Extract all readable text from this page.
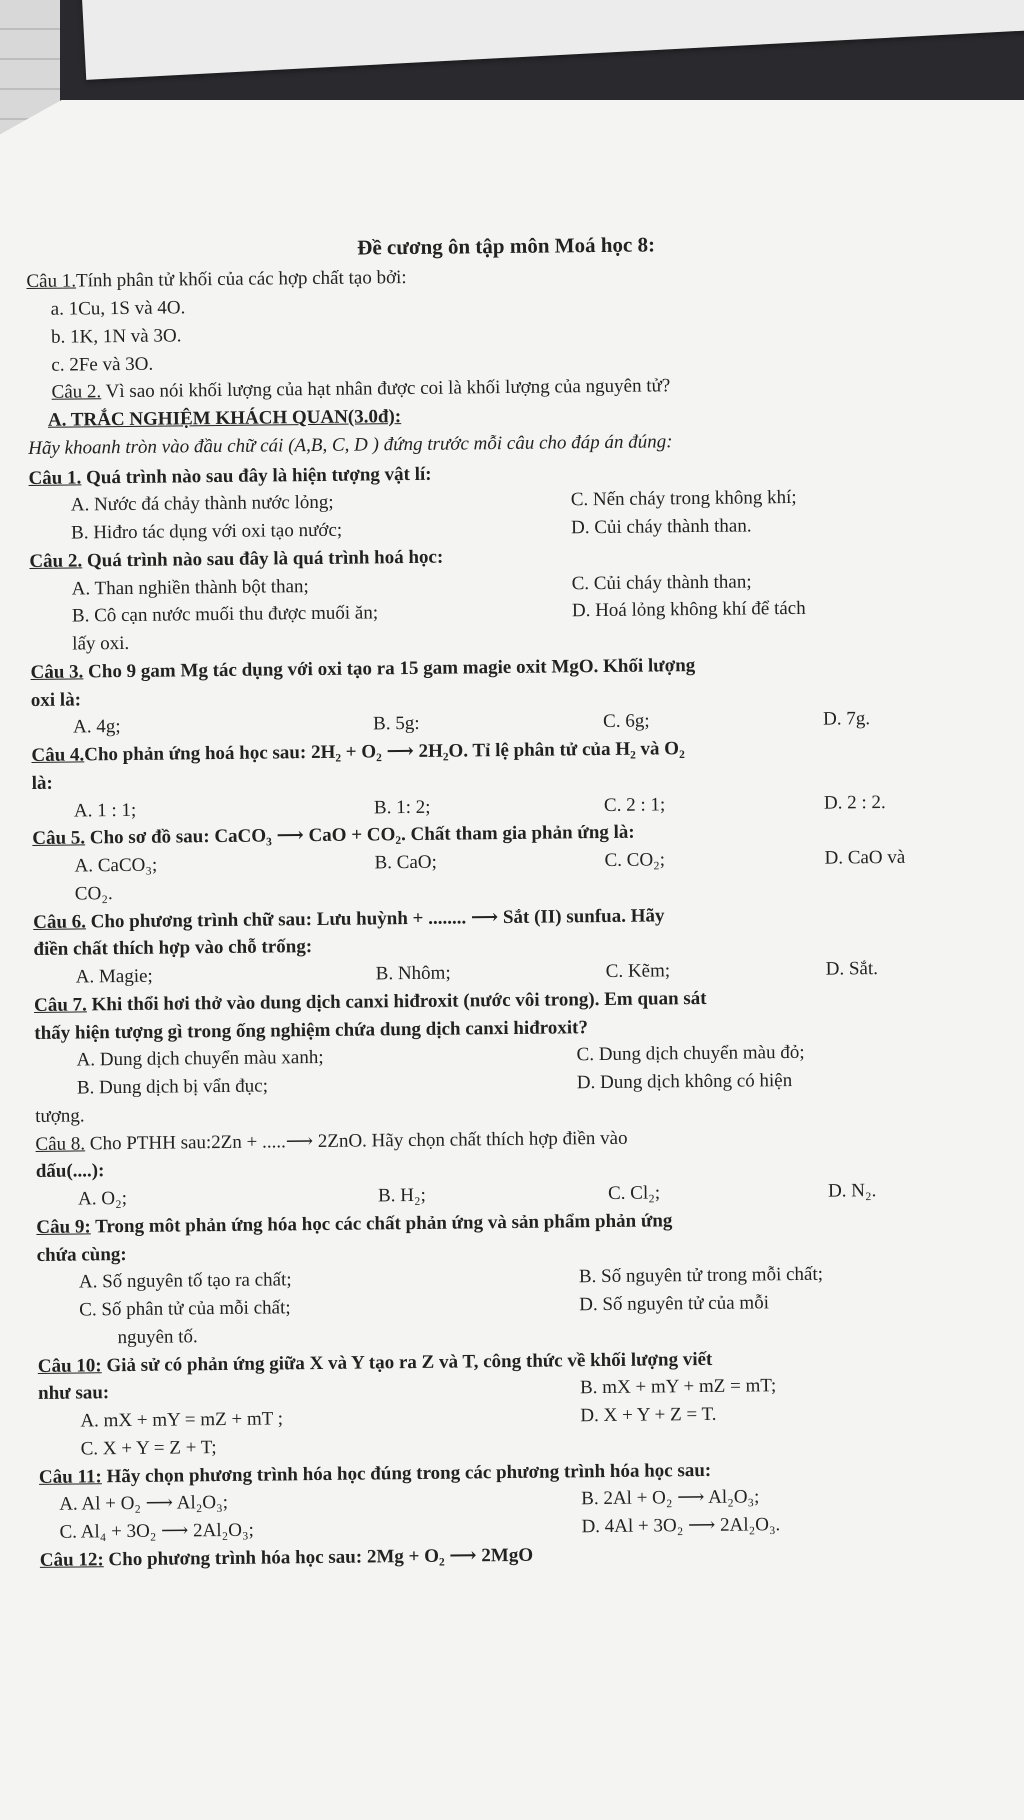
Đề cương ôn tập môn Moá học 8:
Câu 1.Tính phân tử khối của các hợp chất tạo bởi:
a. 1Cu, 1S và 4O.
b. 1K, 1N và 3O.
c. 2Fe và 3O.
Câu 2. Vì sao nói khối lượng của hạt nhân được coi là khối lượng của nguyên tử?
A. TRẮC NGHIỆM KHÁCH QUAN(3.0đ):
Hãy khoanh tròn vào đầu chữ cái (A,B, C, D ) đứng trước mỗi câu cho đáp án đúng:
Câu 1. Quá trình nào sau đây là hiện tượng vật lí:
A. Nước đá chảy thành nước lỏng;	C. Nến cháy trong không khí;
B. Hiđro tác dụng với oxi tạo nước;	D. Củi cháy thành than.
Câu 2. Quá trình nào sau đây là quá trình hoá học:
A. Than nghiền thành bột than;	C. Củi cháy thành than;
B. Cô cạn nước muối thu được muối ăn;	D. Hoá lỏng không khí để tách
lấy oxi.
Câu 3. Cho 9 gam Mg tác dụng với oxi tạo ra 15 gam magie oxit MgO. Khối lượng
oxi là:
A. 4g;	B. 5g:	C. 6g;	D. 7g.
Câu 4.Cho phản ứng hoá học sau: 2H₂ + O₂ ⟶ 2H₂O. Tỉ lệ phân tử của H₂ và O₂
là:
A. 1 : 1;	B. 1: 2;	C. 2 : 1;	D. 2 : 2.
Câu 5. Cho sơ đồ sau: CaCO₃ ⟶ CaO + CO₂. Chất tham gia phản ứng là:
A. CaCO₃;	B. CaO;	C. CO₂;	D. CaO và
CO₂.
Câu 6. Cho phương trình chữ sau: Lưu huỳnh + ........ ⟶ Sắt (II) sunfua. Hãy
điền chất thích hợp vào chỗ trống:
A. Magie;	B. Nhôm;	C. Kẽm;	D. Sắt.
Câu 7. Khi thổi hơi thở vào dung dịch canxi hiđroxit (nước vôi trong). Em quan sát
thấy hiện tượng gì trong ống nghiệm chứa dung dịch canxi hiđroxit?
A. Dung dịch chuyển màu xanh;	C. Dung dịch chuyển màu đỏ;
B. Dung dịch bị vẩn đục;	D. Dung dịch không có hiện
tượng.
Câu 8. Cho PTHH sau:2Zn + .....⟶ 2ZnO. Hãy chọn chất thích hợp điền vào
dấu(....):
A. O₂;	B. H₂;	C. Cl₂;	D. N₂.
Câu 9: Trong môt phản ứng hóa học các chất phản ứng và sản phẩm phản ứng
chứa cùng:
A. Số nguyên tố tạo ra chất;	B. Số nguyên tử trong mỗi chất;
C. Số phân tử của mỗi chất;	D. Số nguyên tử của mỗi
nguyên tố.
Câu 10: Giả sử có phản ứng giữa X và Y tạo ra Z và T, công thức về khối lượng viết
như sau:	B. mX + mY + mZ = mT;
A. mX + mY = mZ + mT ;	D. X + Y + Z = T.
C. X + Y = Z + T;
Câu 11: Hãy chọn phương trình hóa học đúng trong các phương trình hóa học sau:
A. Al + O₂ ⟶ Al₂O₃;	B. 2Al + O₂ ⟶ Al₂O₃;
C. Al₄ + 3O₂ ⟶ 2Al₂O₃;	D. 4Al + 3O₂ ⟶ 2Al₂O₃.
Câu 12: Cho phương trình hóa học sau: 2Mg + O₂ ⟶ 2MgO
